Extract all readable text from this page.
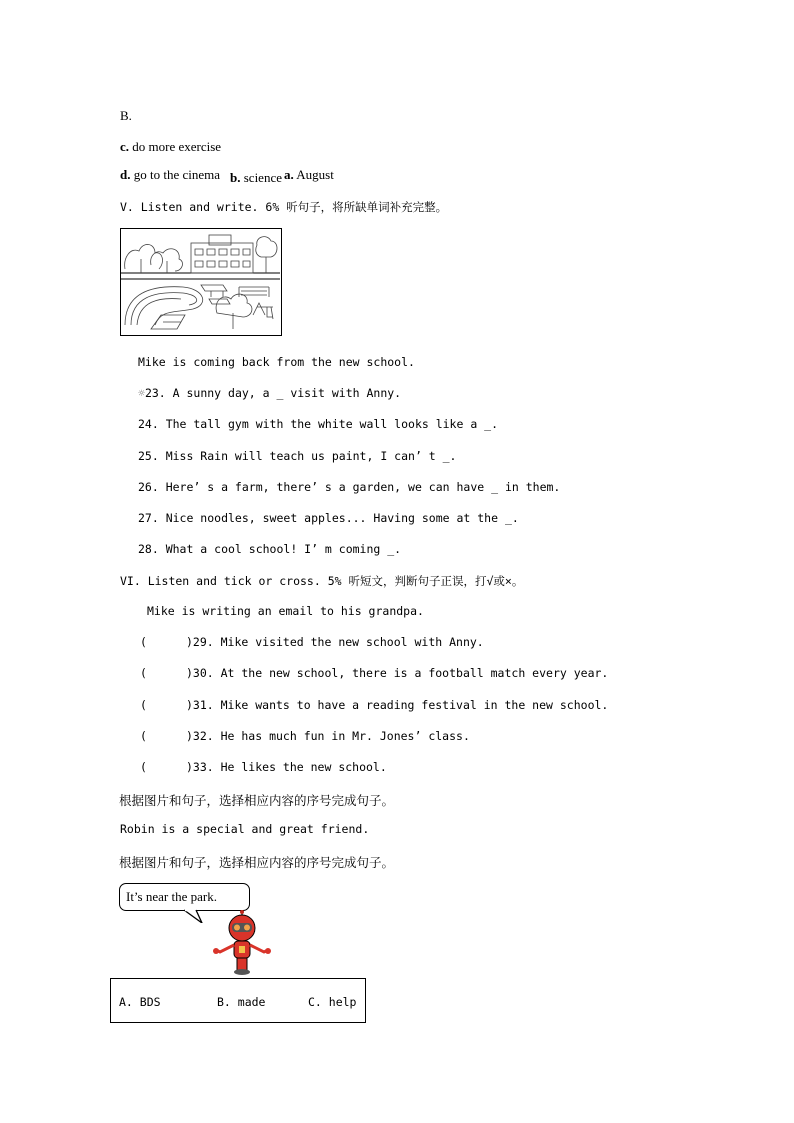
B.
c. do more exercise
d. go to the cinema b. science a. August
V. Listen and write. 6% 听句子，将所缺单词补充完整。
Mike is coming back from the new school.
☼23. A sunny day, a _ visit with Anny.
24. The tall gym with the white wall looks like a _.
25. Miss Rain will teach us paint, I can’ t _.
26. Here’ s a farm, there’ s a garden, we can have _ in them.
27. Nice noodles, sweet apples... Having some at the _.
28. What a cool school! I’ m coming _.
VI. Listen and tick or cross. 5% 听短文，判断句子正误，打√或×。
Mike is writing an email to his grandpa.
(	)29. Mike visited the new school with Anny.
(	)30. At the new school, there is a football match every year.
(	)31. Mike wants to have a reading festival in the new school.
(	)32. He has much fun in Mr. Jones’ class.
(	)33. He likes the new school.
根据图片和句子，选择相应内容的序号完成句子。
Robin is a special and great friend.
根据图片和句子，选择相应内容的序号完成句子。
It’s near the park.
A. BDS	B. made	C. help
